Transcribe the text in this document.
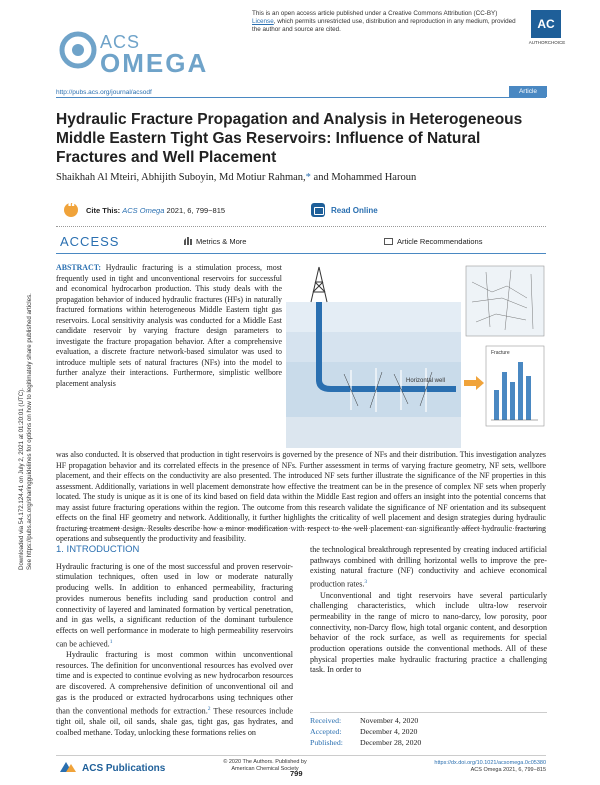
Downloaded via 54.172.124.41 on July 2, 2021 at 01:20:01 (UTC). See https://pubs.acs.org/sharingguidelines for options on how to legitimately share published articles.
ACS
OMEGA
This is an open access article published under a Creative Commons Attribution (CC-BY) License, which permits unrestricted use, distribution and reproduction in any medium, provided the author and source are cited.	AC
AUTHORCHOICE
http://pubs.acs.org/journal/acsodf	Article
Hydraulic Fracture Propagation and Analysis in Heterogeneous Middle Eastern Tight Gas Reservoirs: Influence of Natural Fractures and Well Placement
Shaikhah Al Mteiri, Abhijith Suboyin, Md Motiur Rahman,* and Mohammed Haroun
“
Cite This: ACS Omega 2021, 6, 799−815	Read Online
ACCESS	Metrics & More	Article Recommendations
ABSTRACT: Hydraulic fracturing is a stimulation process, most frequently used in tight and unconventional reservoirs for successful and economical hydrocarbon production. This study deals with the propagation behavior of induced hydraulic fractures (HFs) in naturally fractured formations within heterogeneous Middle Eastern tight gas reservoirs. Local sensitivity analysis was conducted for a Middle East candidate reservoir by varying fracture design parameters to investigate the fracture propagation behavior. After a comprehensive evaluation, a discrete fracture network-based simulator was used to introduce multiple sets of natural fractures (NFs) into the model to further analyze their interactions. Furthermore, simplistic wellbore placement analysis	Horizontal well
Fracture
was also conducted. It is observed that production in tight reservoirs is governed by the presence of NFs and their distribution. This investigation analyzes HF propagation behavior and its correlated effects in the presence of NFs. Further assessment in terms of varying fracture geometry, NF sets, wellbore placement, and their effects on the conductivity are also presented. The introduced NF sets further illustrate the significance of the NF properties in this assessment. Additionally, variations in well placement demonstrate how effective the treatment can be in the presence of complex NF sets when properly located. The study is unique as it is one of its kind based on field data within the Middle East region and offers an insight into the potential concerns that may assist future fracturing operations within the region. The outcome from this research validate the significance of NF orientation and its subsequent effects on the final HF geometry and network. Additionally, it further highlights the criticality of well placement and design strategies during hydraulic fracturing treatment design. Results describe how a minor modification with respect to the well placement can significantly affect hydraulic fracturing operations and subsequently the productivity and feasibility.
1. INTRODUCTION

Hydraulic fracturing is one of the most successful and proven reservoir-stimulation techniques, often used in low or moderate naturally producing wells. In addition to enhanced permeability, fracturing provides numerous benefits including sand production control and connectivity of layered and laminated formation by vertical penetration, and in gas wells, a significant reduction of the dominant turbulence effects on well performance in moderate to high permeability reservoirs can be achieved.$^1$

Hydraulic fracturing is most common within unconventional resources. The definition for unconventional resources has evolved over time and is expected to continue evolving as new hydrocarbon resources are discovered. A comprehensive definition of unconventional oil and gas is the produced or extracted hydrocarbons using techniques other than the conventional methods for extraction.$^2$ These resources include tight oil, shale oil, oil sands, shale gas, tight gas, gas hydrates, and coalbed methane. Today, unlocking these formations relies on

the technological breakthrough represented by creating induced artificial pathways combined with drilling horizontal wells to improve the pre-existing natural fracture (NF) conductivity and achieve economical production rates.$^3$

Unconventional and tight reservoirs have several particularly challenging characteristics, which include ultra-low reservoir permeability in the range of micro to nano-darcy, low porosity, poor connectivity, non-Darcy flow, high total organic content, and desorption behavior of the rock surface, as well as requirements for special production operations outside the conventional methods. All of these physical properties make hydraulic fracturing practice a challenging task. In order to

Received: November 4, 2020
Accepted: December 4, 2020
Published: December 28, 2020
ACS Publications
© 2020 The Authors. Published by
American Chemical Society
799
https://dx.doi.org/10.1021/acsomega.0c05380
ACS Omega 2021, 6, 799−815
